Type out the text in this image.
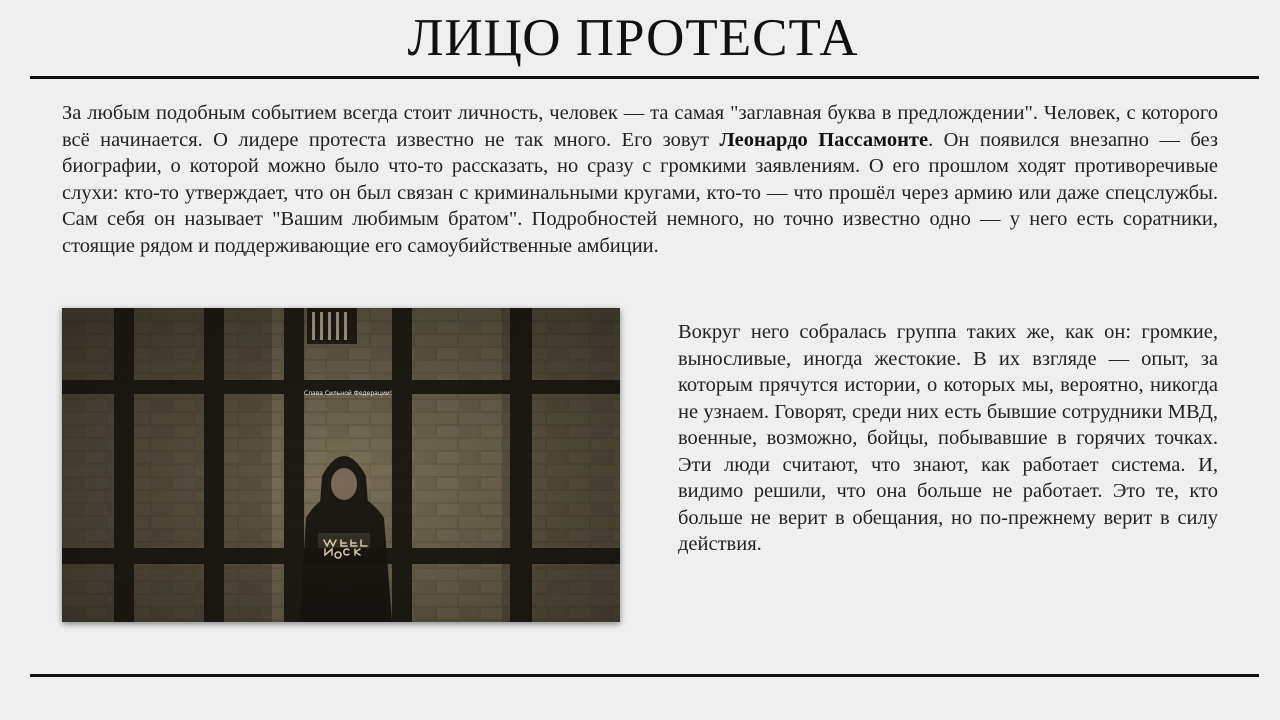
ЛИЦО ПРОТЕСТА

За любым подобным событием всегда стоит личность, человек — та самая "заглавная буква в предлождении". Человек, с которого всё начинается. О лидере протеста известно не так много. Его зовут Леонардо Пассамонте. Он появился внезапно — без биографии, о которой можно было что-то рассказать, но сразу с громкими заявлениям. О его прошлом ходят противоречивые слухи: кто-то утверждает, что он был связан с криминальными кругами, кто-то — что прошёл через армию или даже спецслужбы. Сам себя он называет "Вашим любимым братом". Подробностей немного, но точно известно одно — у него есть соратники, стоящие рядом и поддерживающие его самоубийственные амбиции.

Слава Сильной Федерации!

Вокруг него собралась группа таких же, как он: громкие, выносливые, иногда жестокие. В их взгляде — опыт, за которым прячутся истории, о которых мы, вероятно, никогда не узнаем. Говорят, среди них есть бывшие сотрудники МВД, военные, возможно, бойцы, побывавшие в горячих точках. Эти люди считают, что знают, как работает система. И, видимо решили, что она больше не работает. Это те, кто больше не верит в обещания, но по-прежнему верит в силу действия.
